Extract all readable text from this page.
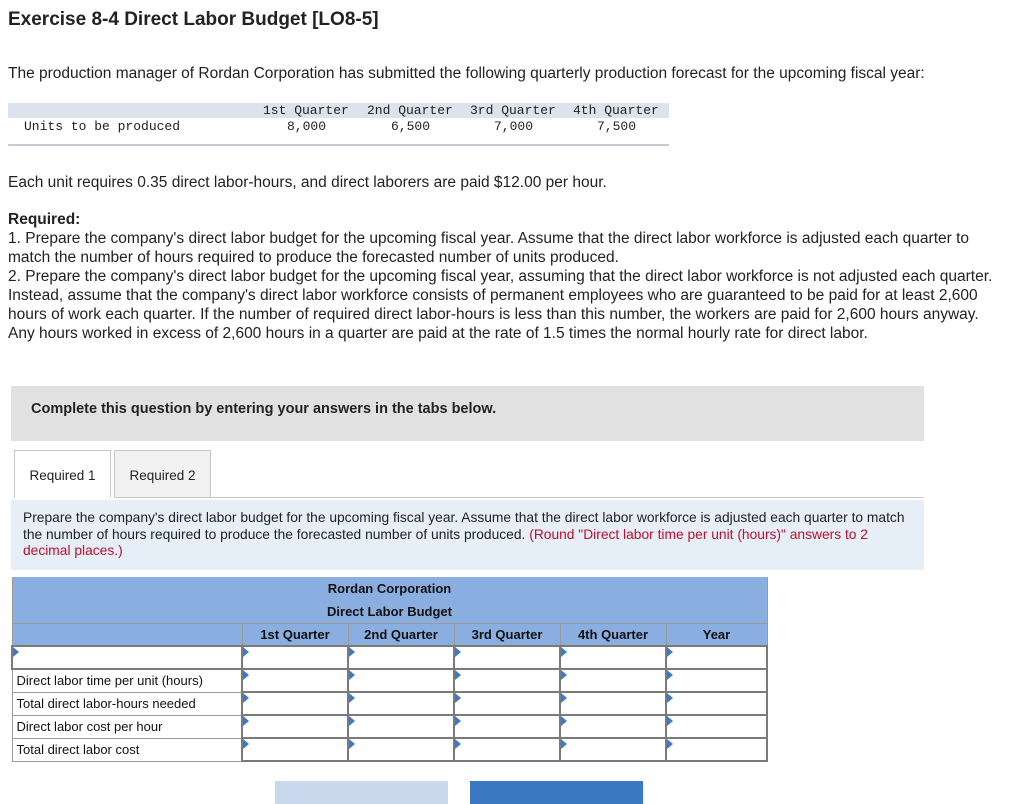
Exercise 8-4 Direct Labor Budget [LO8-5]
The production manager of Rordan Corporation has submitted the following quarterly production forecast for the upcoming fiscal year:
1st Quarter 2nd Quarter 3rd Quarter 4th Quarter
Units to be produced	8,000	6,500	7,000	7,500
Each unit requires 0.35 direct labor-hours, and direct laborers are paid $12.00 per hour.
Required:
1. Prepare the company's direct labor budget for the upcoming fiscal year. Assume that the direct labor workforce is adjusted each quarter to match the number of hours required to produce the forecasted number of units produced.
2. Prepare the company's direct labor budget for the upcoming fiscal year, assuming that the direct labor workforce is not adjusted each quarter. Instead, assume that the company's direct labor workforce consists of permanent employees who are guaranteed to be paid for at least 2,600 hours of work each quarter. If the number of required direct labor-hours is less than this number, the workers are paid for 2,600 hours anyway. Any hours worked in excess of 2,600 hours in a quarter are paid at the rate of 1.5 times the normal hourly rate for direct labor.
Complete this question by entering your answers in the tabs below.
Required 1	Required 2
Prepare the company's direct labor budget for the upcoming fiscal year. Assume that the direct labor workforce is adjusted each quarter to match the number of hours required to produce the forecasted number of units produced. (Round "Direct labor time per unit (hours)" answers to 2 decimal places.)
Rordan Corporation					
Direct Labor Budget					
	1st Quarter	2nd Quarter	3rd Quarter	4th Quarter	Year

Direct labor time per unit (hours)					
Total direct labor-hours needed					
Direct labor cost per hour					
Total direct labor cost					
